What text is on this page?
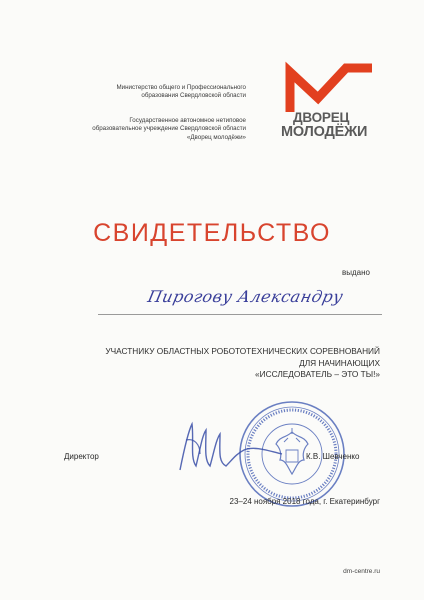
Министерство общего и Профессионального
образования Свердловской области
Государственное автономное нетиповое
образовательное учреждение Свердловской области
«Дворец молодёжи»
ДВОРЕЦ
МОЛОДЁЖИ
СВИДЕТЕЛЬСТВО
выдано
Пирогову Александру
УЧАСТНИКУ ОБЛАСТНЫХ РОБОТОТЕХНИЧЕСКИХ СОРЕВНОВАНИЙ
ДЛЯ НАЧИНАЮЩИХ
«ИССЛЕДОВАТЕЛЬ – ЭТО ТЫ!»
Директор	К.В. Шевченко
23–24 ноября 2018 года, г. Екатеринбург
dm-centre.ru
